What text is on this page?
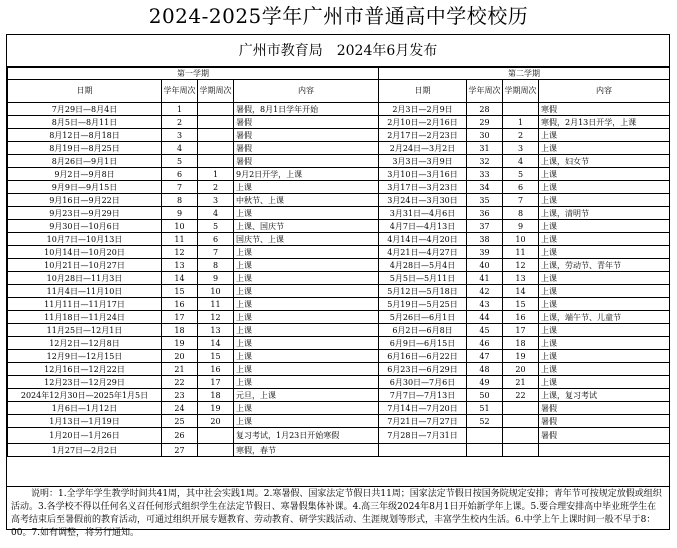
2024-2025学年广州市普通高中学校校历
广州市教育局　2024年6月发布
第一学期				第二学期			
日期	学年周次	学期周次	内容	日期	学年周次	学期周次	内容
7月29日—8月4日	1		暑假，8月1日学年开始	2月3日—2月9日	28		寒假
8月5日—8月11日	2		暑假	2月10日—2月16日	29	1	寒假，2月13日开学，上课
8月12日—8月18日	3		暑假	2月17日—2月23日	30	2	上课
8月19日—8月25日	4		暑假	2月24日—3月2日	31	3	上课
8月26日—9月1日	5		暑假	3月3日—3月9日	32	4	上课，妇女节
9月2日—9月8日	6	1	9月2日开学，上课	3月10日—3月16日	33	5	上课
9月9日—9月15日	7	2	上课	3月17日—3月23日	34	6	上课
9月16日—9月22日	8	3	中秋节、上课	3月24日—3月30日	35	7	上课
9月23日—9月29日	9	4	上课	3月31日—4月6日	36	8	上课，清明节
9月30日—10月6日	10	5	上课、国庆节	4月7日—4月13日	37	9	上课
10月7日—10月13日	11	6	国庆节、上课	4月14日—4月20日	38	10	上课
10月14日—10月20日	12	7	上课	4月21日—4月27日	39	11	上课
10月21日—10月27日	13	8	上课	4月28日—5月4日	40	12	上课，劳动节、青年节
10月28日—11月3日	14	9	上课	5月5日—5月11日	41	13	上课
11月4日—11月10日	15	10	上课	5月12日—5月18日	42	14	上课
11月11日—11月17日	16	11	上课	5月19日—5月25日	43	15	上课
11月18日—11月24日	17	12	上课	5月26日—6月1日	44	16	上课，端午节、儿童节
11月25日—12月1日	18	13	上课	6月2日—6月8日	45	17	上课
12月2日—12月8日	19	14	上课	6月9日—6月15日	46	18	上课
12月9日—12月15日	20	15	上课	6月16日—6月22日	47	19	上课
12月16日—12月22日	21	16	上课	6月23日—6月29日	48	20	上课
12月23日—12月29日	22	17	上课	6月30日—7月6日	49	21	上课
2024年12月30日—2025年1月5日	23	18	元旦，上课	7月7日—7月13日	50	22	上课，复习考试
1月6日—1月12日	24	19	上课	7月14日—7月20日	51		暑假
1月13日—1月19日	25	20	上课	7月21日—7月27日	52		暑假
1月20日—1月26日	26		复习考试，1月23日开始寒假	7月28日—7月31日			暑假
1月27日—2月2日	27		寒假，春节				
说明：1.全学年学生教学时间共41周，其中社会实践1周。2.寒暑假、国家法定节假日共11周；国家法定节假日按国务院规定安排；青年节可按规定放假或组织活动。3.各学校不得以任何名义召任何形式组织学生在法定节假日、寒暑假集体补课。4.高三年级2024年8月1日开始新学年上课。5.要合理安排高中毕业班学生在高考结束后至暑假前的教育活动，可通过组织开展专题教育、劳动教育、研学实践活动、生涯规划等形式，丰富学生校内生活。6.中学上午上课时间一般不早于8：00。7.如有调整，将另行通知。
